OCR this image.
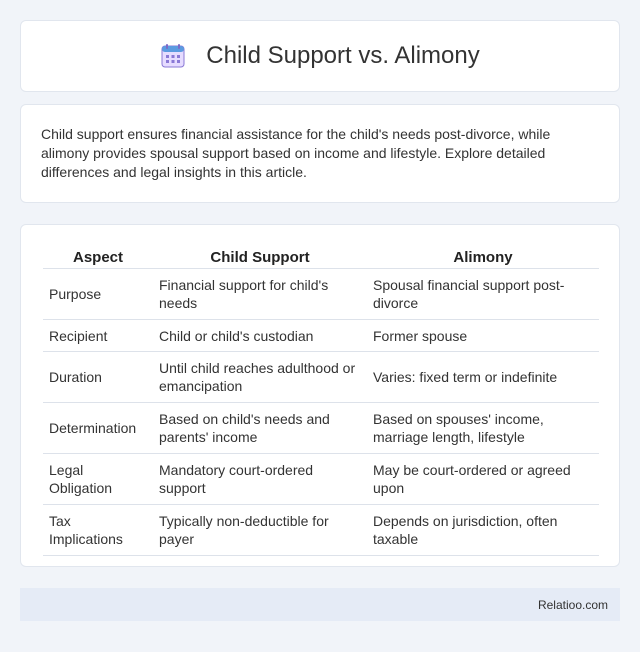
Child Support vs. Alimony

Child support ensures financial assistance for the child's needs post-divorce, while alimony provides spousal support based on income and lifestyle. Explore detailed differences and legal insights in this article.

Aspect	Child Support	Alimony
Purpose	Financial support for child's needs	Spousal financial support post-divorce
Recipient	Child or child's custodian	Former spouse
Duration	Until child reaches adulthood or emancipation	Varies: fixed term or indefinite
Determination	Based on child's needs and parents' income	Based on spouses' income, marriage length, lifestyle
Legal Obligation	Mandatory court-ordered support	May be court-ordered or agreed upon
Tax Implications	Typically non-deductible for payer	Depends on jurisdiction, often taxable
Relatioo.com
